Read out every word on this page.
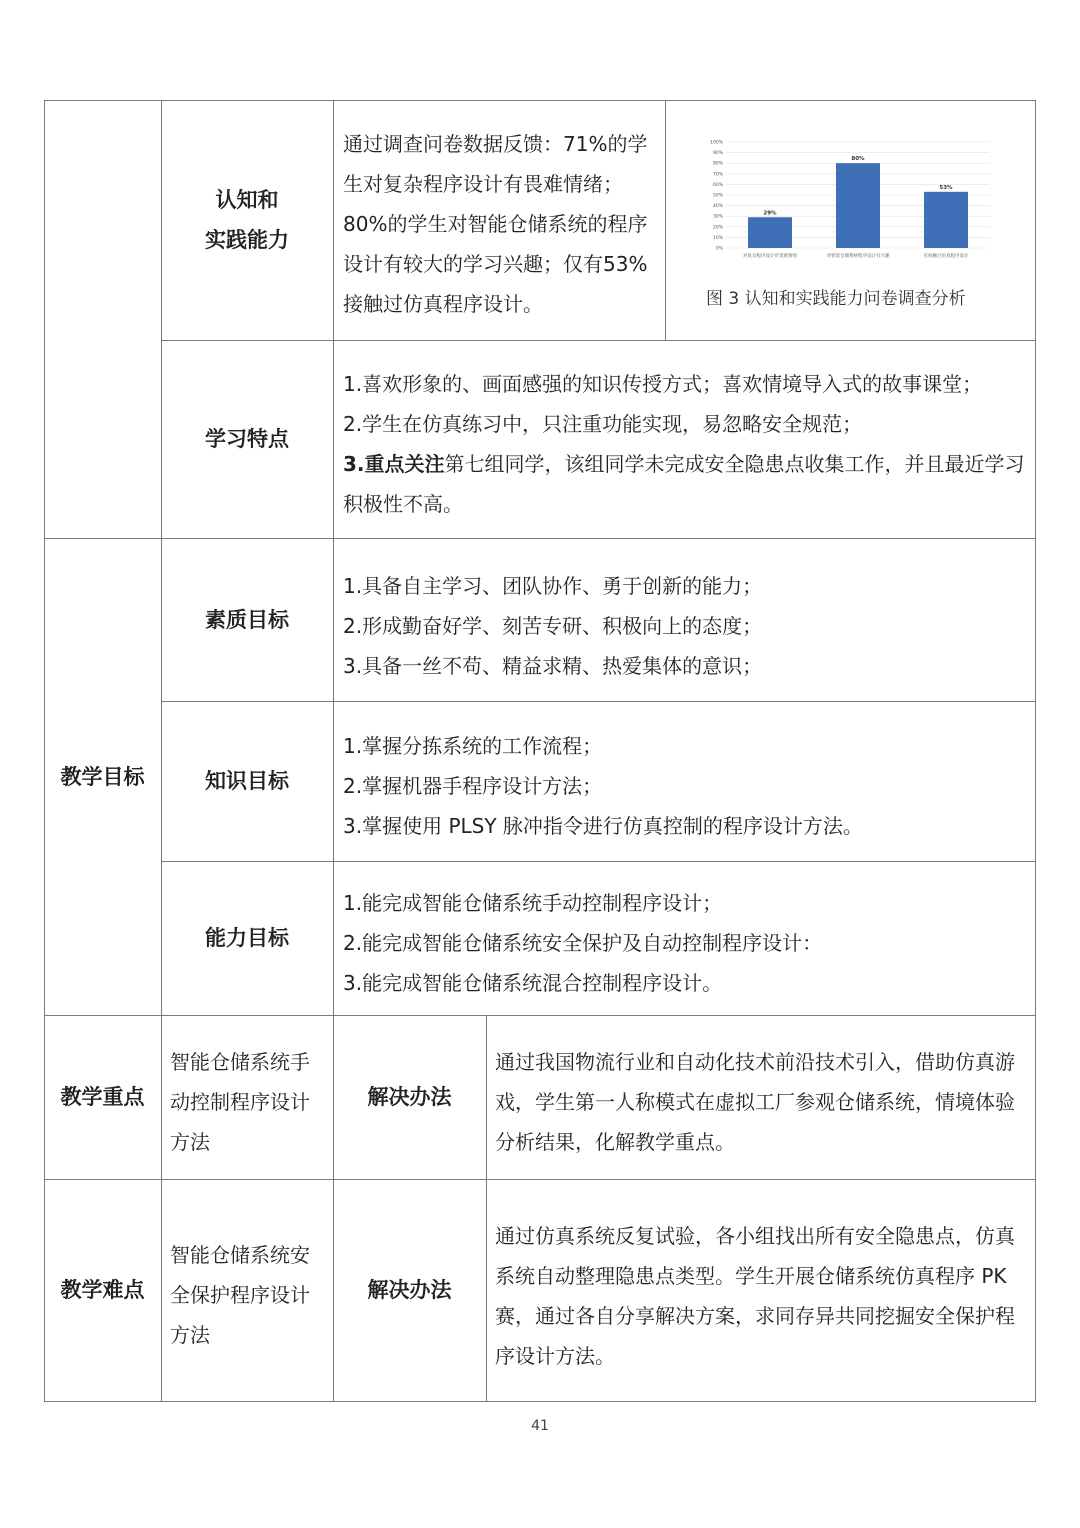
认知和
实践能力
通过调查问卷数据反馈：71%的学生对复杂程序设计有畏难情绪；80%的学生对智能仓储系统的程序设计有较大的学习兴趣；仅有53%接触过仿真程序设计。
0%
10%
20%
30%
40%
50%
60%
70%
80%
90%
100%
29%
对复杂程序设计有畏难情绪
80%
对智能仓储系统程序设计有兴趣
53%
有接触过仿真程序设计
图 3 认知和实践能力问卷调查分析
学习特点

1.喜欢形象的、画面感强的知识传授方式；喜欢情境导入式的故事课堂；

2.学生在仿真练习中，只注重功能实现，易忽略安全规范；

3.重点关注第七组同学，该组同学未完成安全隐患点收集工作，并且最近学习积极性不高。

教学目标
素质目标

1.具备自主学习、团队协作、勇于创新的能力；

2.形成勤奋好学、刻苦专研、积极向上的态度；

3.具备一丝不苟、精益求精、热爱集体的意识；

知识目标

1.掌握分拣系统的工作流程；

2.掌握机器手程序设计方法；

3.掌握使用 PLSY 脉冲指令进行仿真控制的程序设计方法。

能力目标

1.能完成智能仓储系统手动控制程序设计；

2.能完成智能仓储系统安全保护及自动控制程序设计：

3.能完成智能仓储系统混合控制程序设计。

教学重点
智能仓储系统手动控制程序设计方法
解决办法
通过我国物流行业和自动化技术前沿技术引入，借助仿真游戏，学生第一人称模式在虚拟工厂参观仓储系统，情境体验分析结果，化解教学重点。
教学难点
智能仓储系统安全保护程序设计方法
解决办法
通过仿真系统反复试验，各小组找出所有安全隐患点，仿真系统自动整理隐患点类型。学生开展仓储系统仿真程序 PK 赛，通过各自分享解决方案，求同存异共同挖掘安全保护程序设计方法。
41
